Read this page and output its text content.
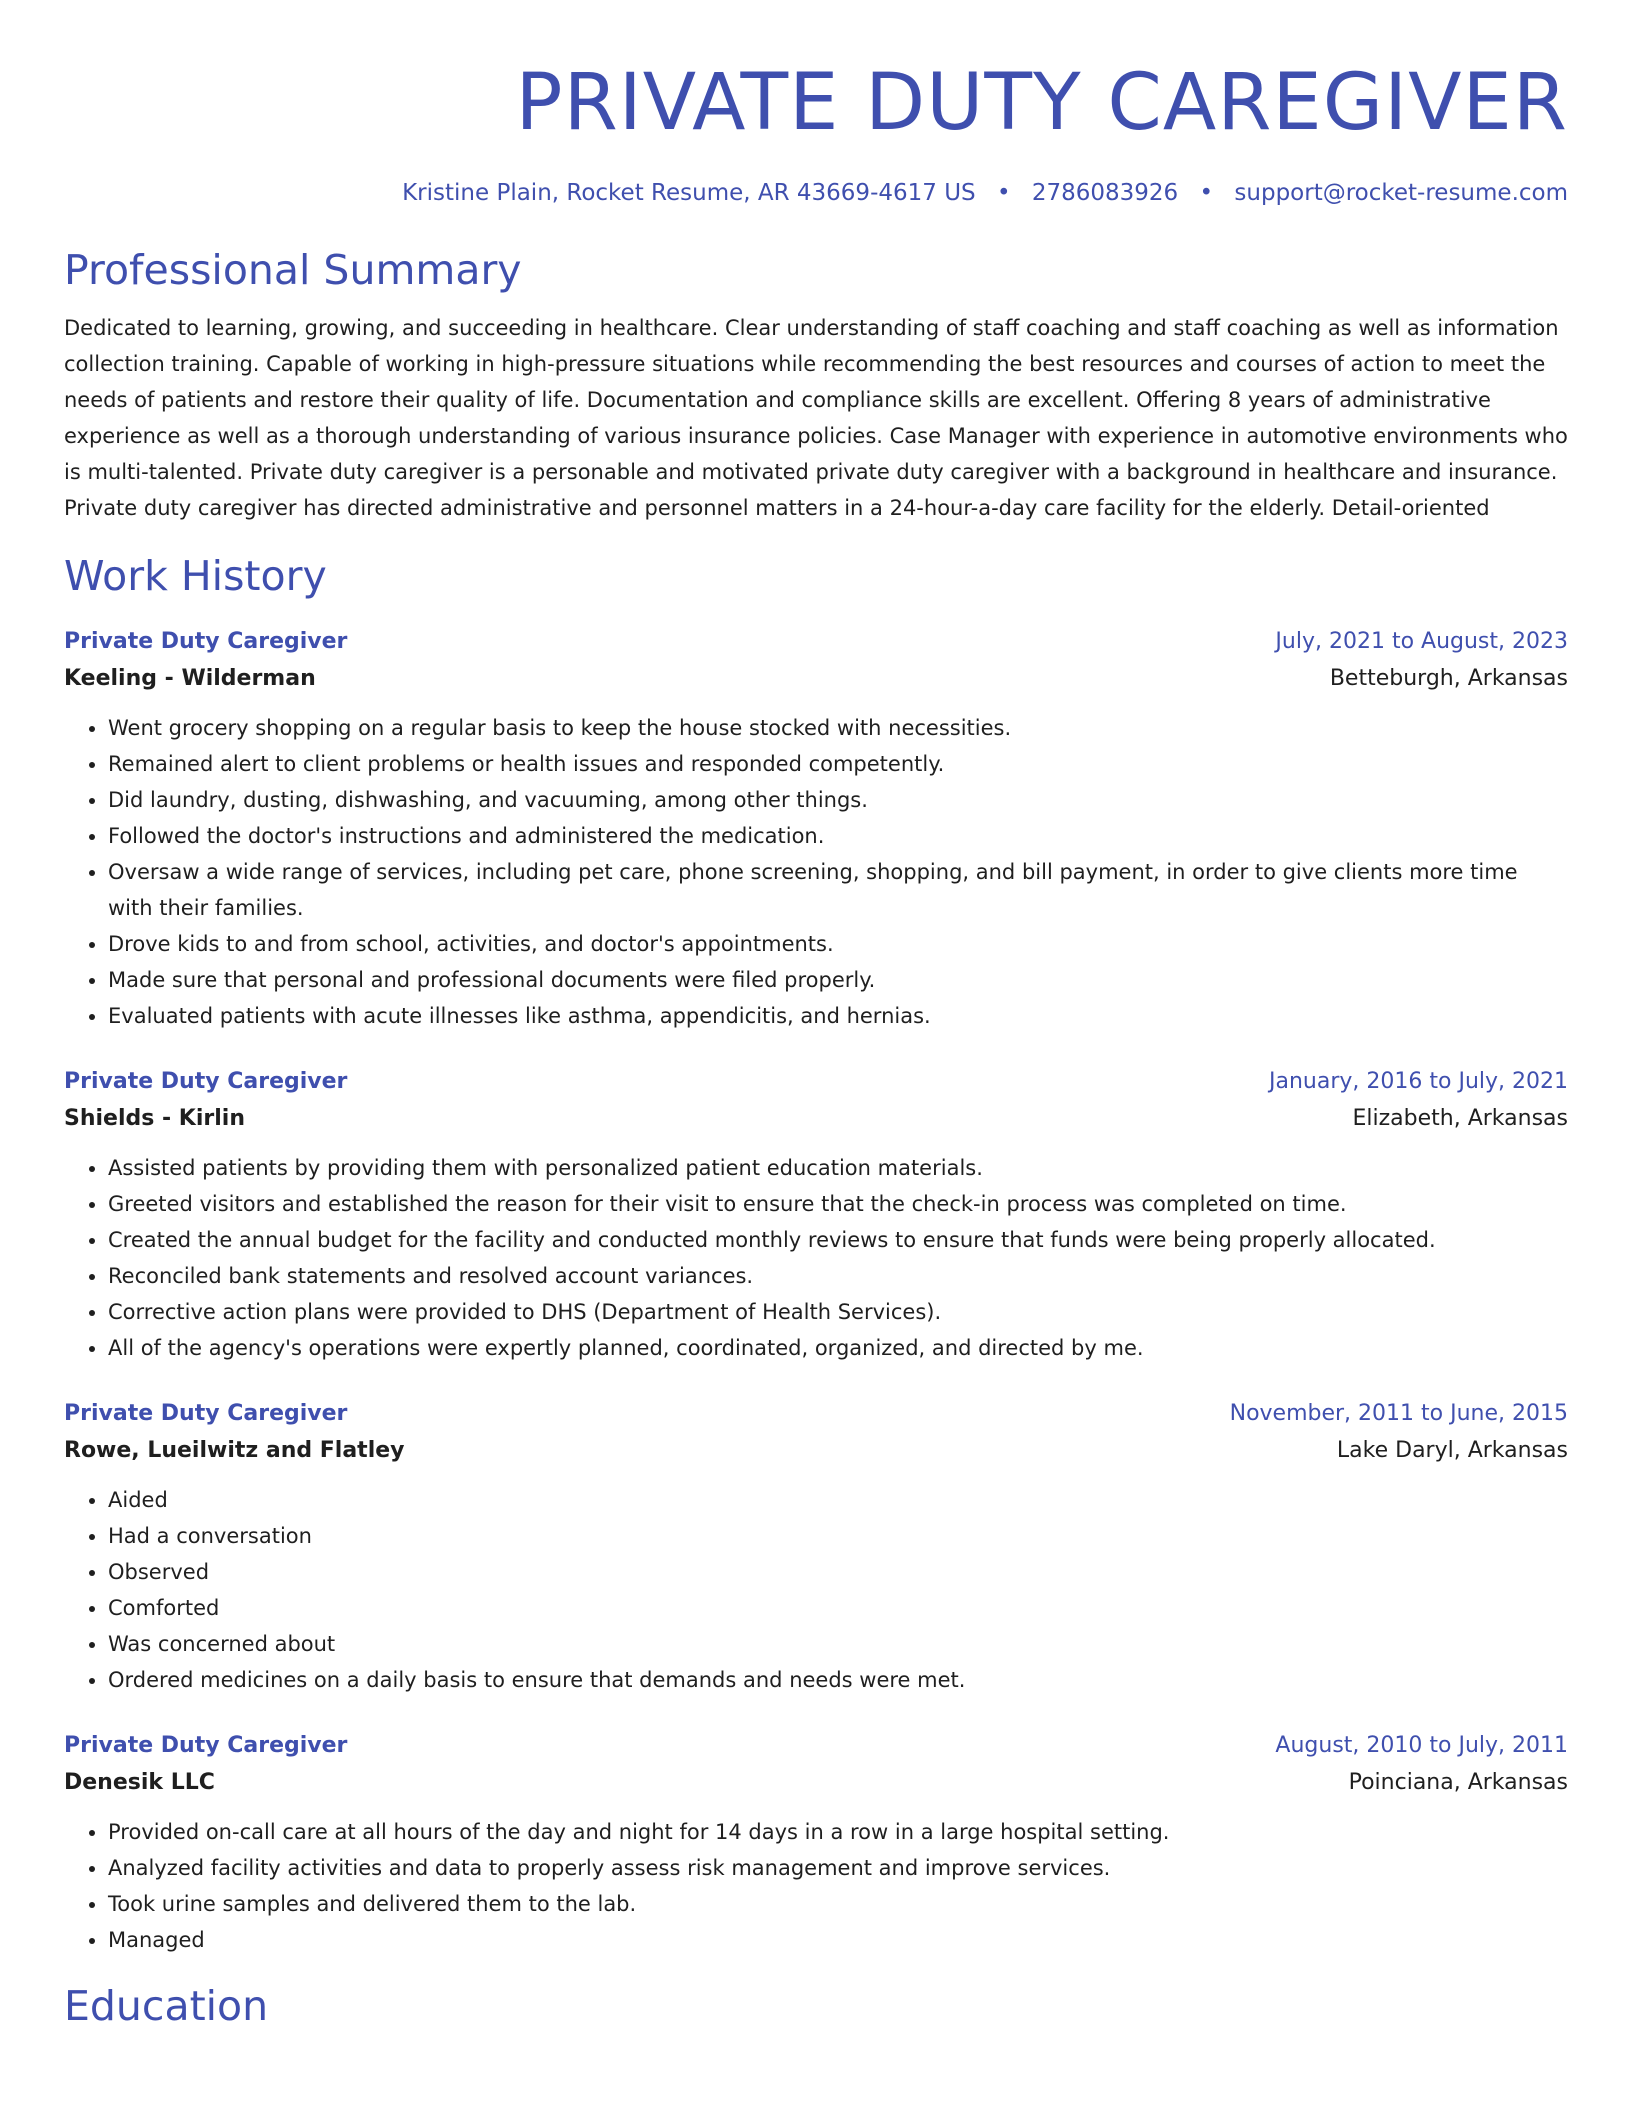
PRIVATE DUTY CAREGIVER
Kristine Plain, Rocket Resume, AR 43669-4617 US • 2786083926 • support@rocket-resume.com
Professional Summary
Dedicated to learning, growing, and succeeding in healthcare. Clear understanding of staff coaching and staff coaching as well as information collection training. Capable of working in high-pressure situations while recommending the best resources and courses of action to meet the needs of patients and restore their quality of life. Documentation and compliance skills are excellent. Offering 8 years of administrative experience as well as a thorough understanding of various insurance policies. Case Manager with experience in automotive environments who is multi-talented. Private duty caregiver is a personable and motivated private duty caregiver with a background in healthcare and insurance. Private duty caregiver has directed administrative and personnel matters in a 24-hour-a-day care facility for the elderly. Detail-oriented
Work History
Private Duty Caregiver	July, 2021 to August, 2023
Keeling - Wilderman	Betteburgh, Arkansas
• Went grocery shopping on a regular basis to keep the house stocked with necessities.
• Remained alert to client problems or health issues and responded competently.
• Did laundry, dusting, dishwashing, and vacuuming, among other things.
• Followed the doctor's instructions and administered the medication.
• Oversaw a wide range of services, including pet care, phone screening, shopping, and bill payment, in order to give clients more time with their families.
• Drove kids to and from school, activities, and doctor's appointments.
• Made sure that personal and professional documents were filed properly.
• Evaluated patients with acute illnesses like asthma, appendicitis, and hernias.
Private Duty Caregiver	January, 2016 to July, 2021
Shields - Kirlin	Elizabeth, Arkansas
• Assisted patients by providing them with personalized patient education materials.
• Greeted visitors and established the reason for their visit to ensure that the check-in process was completed on time.
• Created the annual budget for the facility and conducted monthly reviews to ensure that funds were being properly allocated.
• Reconciled bank statements and resolved account variances.
• Corrective action plans were provided to DHS (Department of Health Services).
• All of the agency's operations were expertly planned, coordinated, organized, and directed by me.
Private Duty Caregiver	November, 2011 to June, 2015
Rowe, Lueilwitz and Flatley	Lake Daryl, Arkansas
• Aided
• Had a conversation
• Observed
• Comforted
• Was concerned about
• Ordered medicines on a daily basis to ensure that demands and needs were met.
Private Duty Caregiver	August, 2010 to July, 2011
Denesik LLC	Poinciana, Arkansas
• Provided on-call care at all hours of the day and night for 14 days in a row in a large hospital setting.
• Analyzed facility activities and data to properly assess risk management and improve services.
• Took urine samples and delivered them to the lab.
• Managed
Education
